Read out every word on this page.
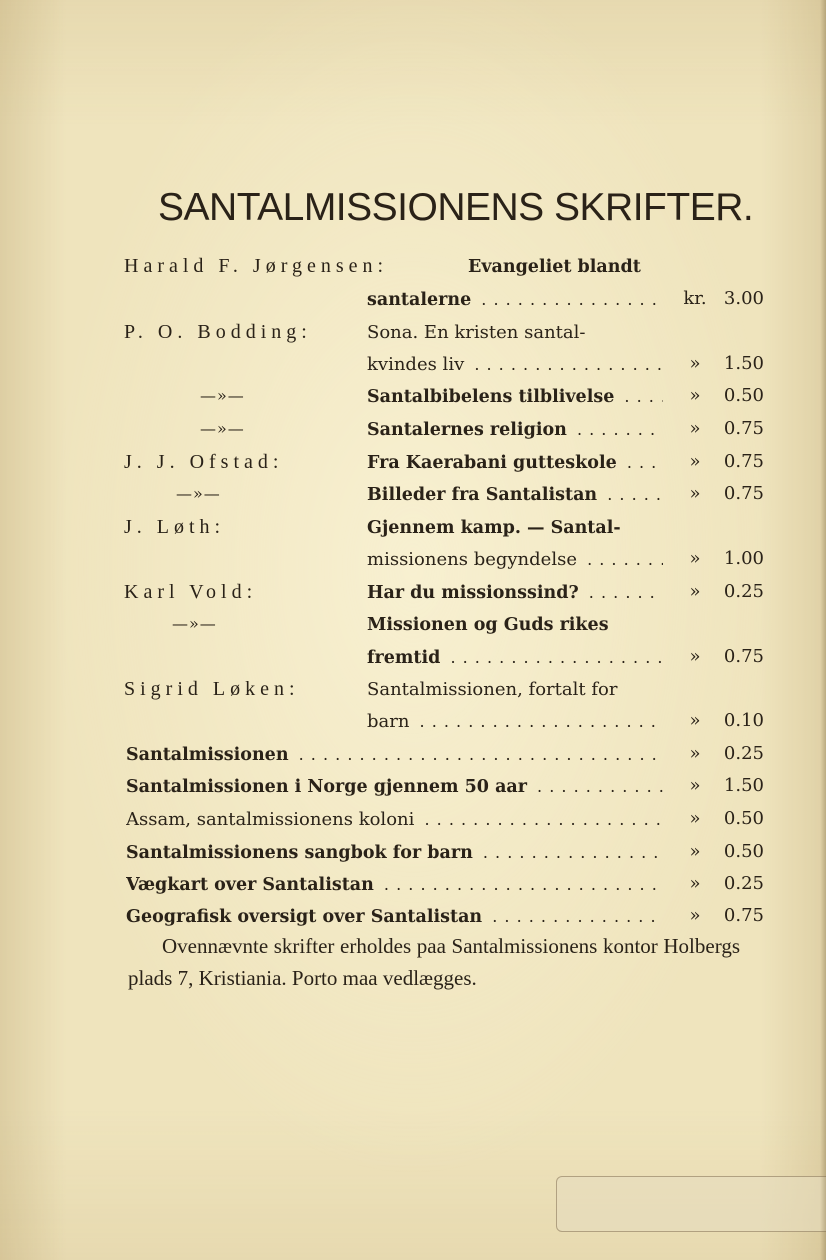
SANTALMISSIONENS SKRIFTER.
Harald F. Jørgensen:	Evangeliet blandt
santalerne . . .	kr. 3.00
P. O. Bodding:	Sona. En kristen santal-
kvindes liv . . .	»	1.50
—»—	Santalbibelens tilblivelse . . .	»	0.50
—»—	Santalernes religion . . .	»	0.75
J. J. Ofstad:	Fra Kaerabani gutteskole . . .	»	0.75
—»—	Billeder fra Santalistan . . .	»	0.75
J. Løth:	Gjennem kamp. — Santal-
missionens begyndelse . . .	»	1.00
Karl Vold:	Har du missionssind? . . .	»	0.25
—»—	Missionen og Guds rikes
fremtid . . .	»	0.75
Sigrid Løken:	Santalmissionen, fortalt for
barn . . .	»	0.10
Santalmissionen . . .	»	0.25
Santalmissionen i Norge gjennem 50 aar . . .	»	1.50
Assam, santalmissionens koloni . . .	»	0.50
Santalmissionens sangbok for barn . . .	»	0.50
Vægkart over Santalistan . . .	»	0.25
Geografisk oversigt over Santalistan . . .	»	0.75
Ovennævnte skrifter erholdes paa Santalmissionens kontor Holbergs plads 7, Kristiania. Porto maa vedlægges.
